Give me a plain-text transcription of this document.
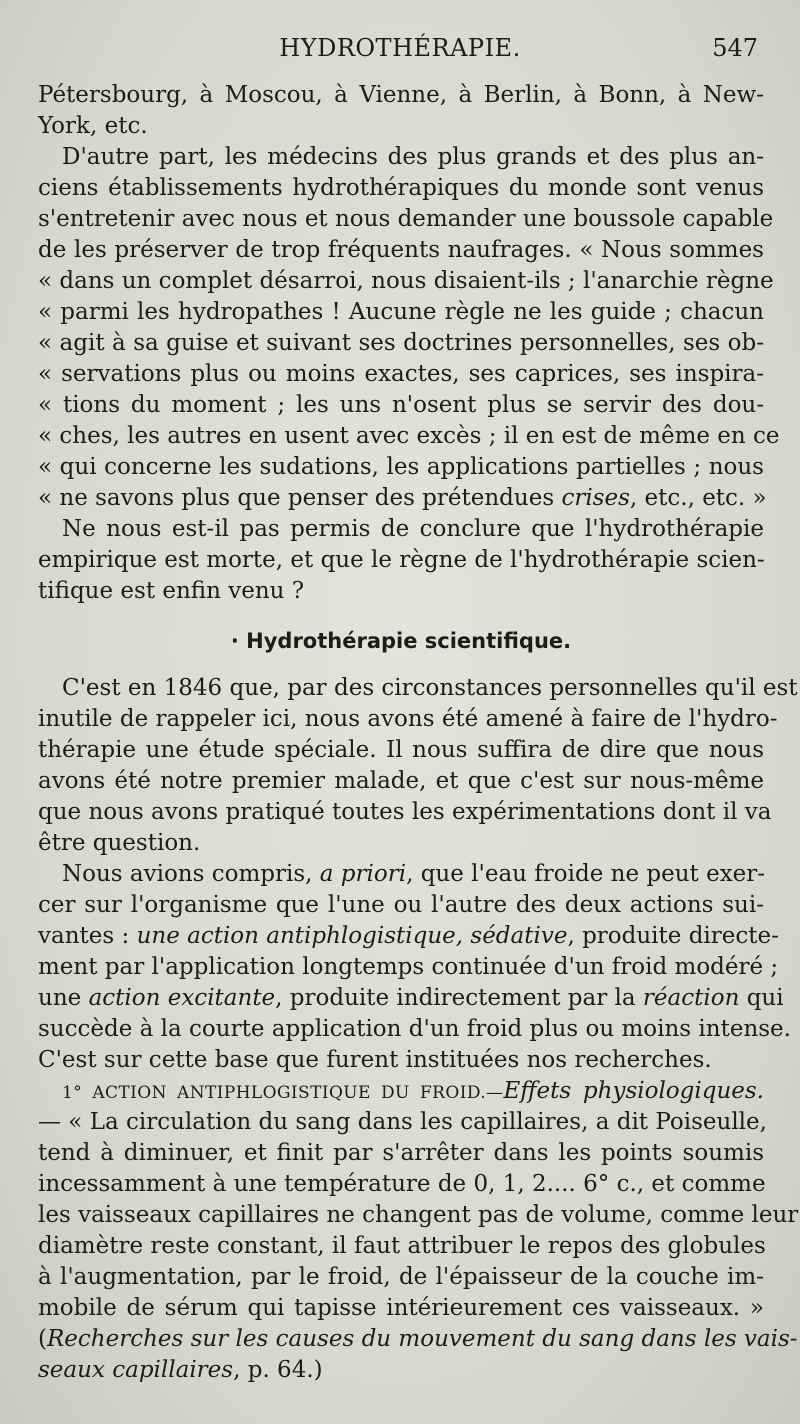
HYDROTHÉRAPIE.	547
Pétersbourg, à Moscou, à Vienne, à Berlin, à Bonn, à New-
York, etc.
D'autre part, les médecins des plus grands et des plus an-
ciens établissements hydrothérapiques du monde sont venus
s'entretenir avec nous et nous demander une boussole capable
de les préserver de trop fréquents naufrages. « Nous sommes
« dans un complet désarroi, nous disaient-ils ; l'anarchie règne
« parmi les hydropathes ! Aucune règle ne les guide ; chacun
« agit à sa guise et suivant ses doctrines personnelles, ses ob-
« servations plus ou moins exactes, ses caprices, ses inspira-
« tions du moment ; les uns n'osent plus se servir des dou-
« ches, les autres en usent avec excès ; il en est de même en ce
« qui concerne les sudations, les applications partielles ; nous
« ne savons plus que penser des prétendues crises, etc., etc. »
Ne nous est-il pas permis de conclure que l'hydrothérapie
empirique est morte, et que le règne de l'hydrothérapie scien-
tifique est enfin venu ?
· Hydrothérapie scientifique.
C'est en 1846 que, par des circonstances personnelles qu'il est
inutile de rappeler ici, nous avons été amené à faire de l'hydro-
thérapie une étude spéciale. Il nous suffira de dire que nous
avons été notre premier malade, et que c'est sur nous-même
que nous avons pratiqué toutes les expérimentations dont il va
être question.
Nous avions compris, a priori, que l'eau froide ne peut exer-
cer sur l'organisme que l'une ou l'autre des deux actions sui-
vantes : une action antiphlogistique, sédative, produite directe-
ment par l'application longtemps continuée d'un froid modéré ;
une action excitante, produite indirectement par la réaction qui
succède à la courte application d'un froid plus ou moins intense.
C'est sur cette base que furent instituées nos recherches.
1° ACTION ANTIPHLOGISTIQUE DU FROID.—Effets physiologiques.
— « La circulation du sang dans les capillaires, a dit Poiseulle,
tend à diminuer, et finit par s'arrêter dans les points soumis
incessamment à une température de 0, 1, 2.... 6° c., et comme
les vaisseaux capillaires ne changent pas de volume, comme leur
diamètre reste constant, il faut attribuer le repos des globules
à l'augmentation, par le froid, de l'épaisseur de la couche im-
mobile de sérum qui tapisse intérieurement ces vaisseaux. »
(Recherches sur les causes du mouvement du sang dans les vais-
seaux capillaires, p. 64.)
